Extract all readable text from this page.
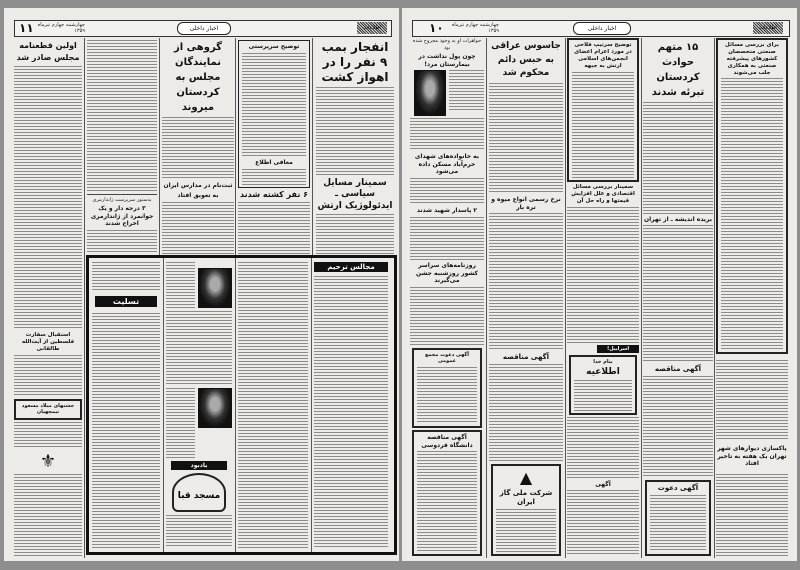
۱۱ چهارشنبه چهارم تیرماه ۱۳۵۹	اخبار داخلی	اطلاعات
انفجار بمب ۹ نفر را در اهواز کشت
سمینار مسایل سیاسی ـ ایدئولوژیک ارتش
توضیح سرپرستی
معافی اطلاع
۶ نفر کشته شدند
گروهی از نمایندگان مجلس به کردستان میروند
ثبت‌نام در مدارس ایران به تعویق افتاد
بدستور سرپرست ژاندارمری
۳ درجه دار و یک جوانمرد از ژاندارمری اخراج شدند
اولین قطعنامه مجلس صادر شد
استقبال سفارت فلسطین از آیت‌الله طالقانی
جشنهای میلاد مسعود تیمچهیان
⚜
تسلیت
یادبود
مسجد قبا
مجالس ترحیم
۱۰	چهارشنبه چهارم تیرماه ۱۳۵۹	اخبار داخلی	اطلاعات
جواهرات او به وجود مجروح شده بود
چون پول نداشت در بیمارستان مرد!
به خانواده‌های شهدای خرم‌آباد مسکن داده می‌شود
۲ پاسدار شهید شدند
روزنامه‌های سراسر کشور روزشنبه جشن می‌گیرند
آگهی دعوت مجمع عمومی
آگهی مناقصه دانشگاه فردوسی
جاسوس عراقی به حبس دائم محکوم شد
نرخ رسمی انواع میوه و تره بار
آگهی مناقصه
▲
شرکت ملی گاز ایران
توضیح سرتیپ فلاحی در مورد اعزام اعضای انجمن‌های اسلامی ارتش به جبهه
سمینار بررسی مسائل اقتصادی و علل افزایش قیمتها و راه حل آن
اسراییل!
بنام خدا
اطلاعیه
آگهی
۱۵ متهم حوادث کردستان تبرئه شدند
بریده اندیشه ـ از تهران
آگهی مناقصه
آگهی دعوت
برای بررسی مسائل صنعتی متخصصان کشورهای پیشرفته صنعتی به همکاری جلب می‌شوند
پاکسازی دیوارهای شهر تهران یک هفته به تاخیر افتاد
